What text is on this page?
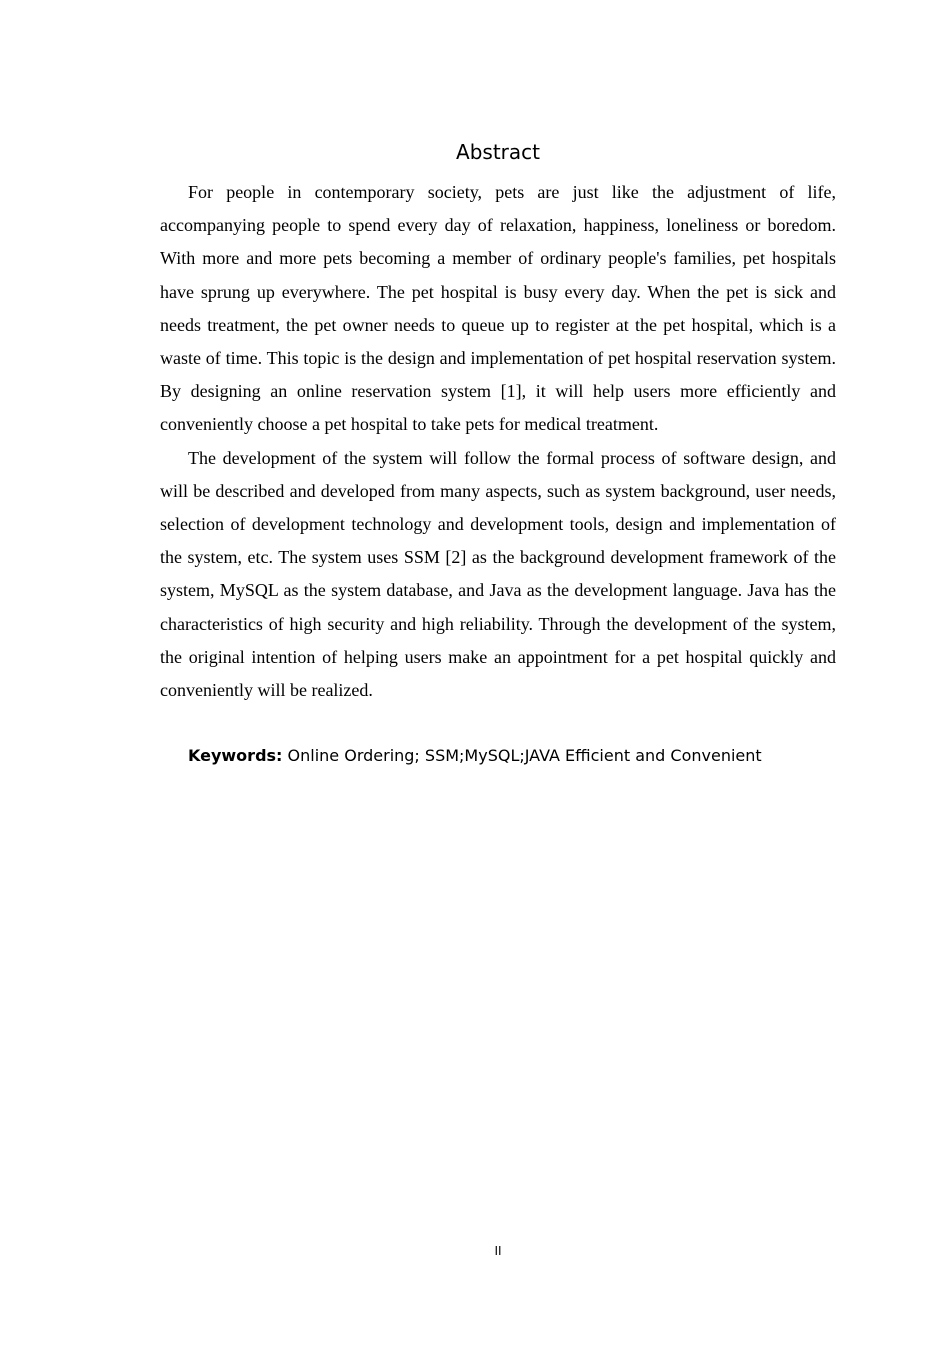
Abstract

For people in contemporary society, pets are just like the adjustment of life, accompanying people to spend every day of relaxation, happiness, loneliness or boredom. With more and more pets becoming a member of ordinary people's families, pet hospitals have sprung up everywhere. The pet hospital is busy every day. When the pet is sick and needs treatment, the pet owner needs to queue up to register at the pet hospital, which is a waste of time. This topic is the design and implementation of pet hospital reservation system. By designing an online reservation system [1], it will help users more efficiently and conveniently choose a pet hospital to take pets for medical treatment.

The development of the system will follow the formal process of software design, and will be described and developed from many aspects, such as system background, user needs, selection of development technology and development tools, design and implementation of the system, etc. The system uses SSM [2] as the background development framework of the system, MySQL as the system database, and Java as the development language. Java has the characteristics of high security and high reliability. Through the development of the system, the original intention of helping users make an appointment for a pet hospital quickly and conveniently will be realized.

Keywords: Online Ordering; SSM;MySQL;JAVA Efficient and Convenient
II
